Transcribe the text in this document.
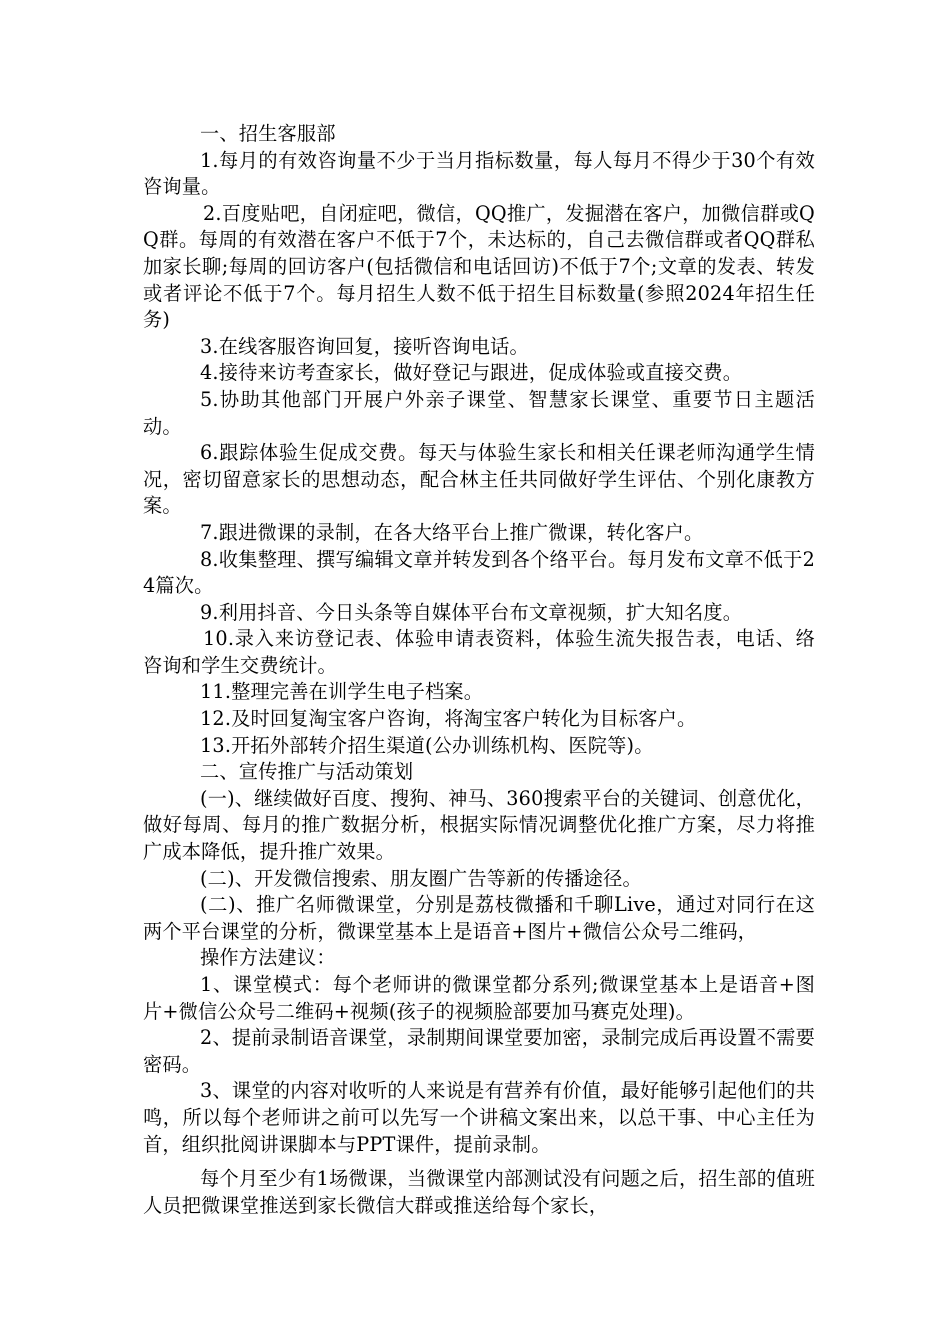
一、招生客服部

1.每月的有效咨询量不少于当月指标数量，每人每月不得少于30个有效咨询量。

2.百度贴吧，自闭症吧，微信，QQ推广，发掘潜在客户，加微信群或QQ群。每周的有效潜在客户不低于7个，未达标的，自己去微信群或者QQ群私加家长聊;每周的回访客户(包括微信和电话回访)不低于7个;文章的发表、转发或者评论不低于7个。每月招生人数不低于招生目标数量(参照2024年招生任务)

3.在线客服咨询回复，接听咨询电话。

4.接待来访考查家长，做好登记与跟进，促成体验或直接交费。

5.协助其他部门开展户外亲子课堂、智慧家长课堂、重要节日主题活动。

6.跟踪体验生促成交费。每天与体验生家长和相关任课老师沟通学生情况，密切留意家长的思想动态，配合林主任共同做好学生评估、个别化康教方案。

7.跟进微课的录制，在各大络平台上推广微课，转化客户。

8.收集整理、撰写编辑文章并转发到各个络平台。每月发布文章不低于24篇次。

9.利用抖音、今日头条等自媒体平台布文章视频，扩大知名度。

10.录入来访登记表、体验申请表资料，体验生流失报告表，电话、络咨询和学生交费统计。

11.整理完善在训学生电子档案。

12.及时回复淘宝客户咨询，将淘宝客户转化为目标客户。

13.开拓外部转介招生渠道(公办训练机构、医院等)。

二、宣传推广与活动策划

(一)、继续做好百度、搜狗、神马、360搜索平台的关键词、创意优化，做好每周、每月的推广数据分析，根据实际情况调整优化推广方案，尽力将推广成本降低，提升推广效果。

(二)、开发微信搜索、朋友圈广告等新的传播途径。

(二)、推广名师微课堂，分别是荔枝微播和千聊Live，通过对同行在这两个平台课堂的分析，微课堂基本上是语音+图片+微信公众号二维码，

操作方法建议：

1、课堂模式：每个老师讲的微课堂都分系列;微课堂基本上是语音+图片+微信公众号二维码+视频(孩子的视频脸部要加马赛克处理)。

2、提前录制语音课堂，录制期间课堂要加密，录制完成后再设置不需要密码。

3、课堂的内容对收听的人来说是有营养有价值，最好能够引起他们的共鸣，所以每个老师讲之前可以先写一个讲稿文案出来，以总干事、中心主任为首，组织批阅讲课脚本与PPT课件，提前录制。

每个月至少有1场微课，当微课堂内部测试没有问题之后，招生部的值班人员把微课堂推送到家长微信大群或推送给每个家长，
